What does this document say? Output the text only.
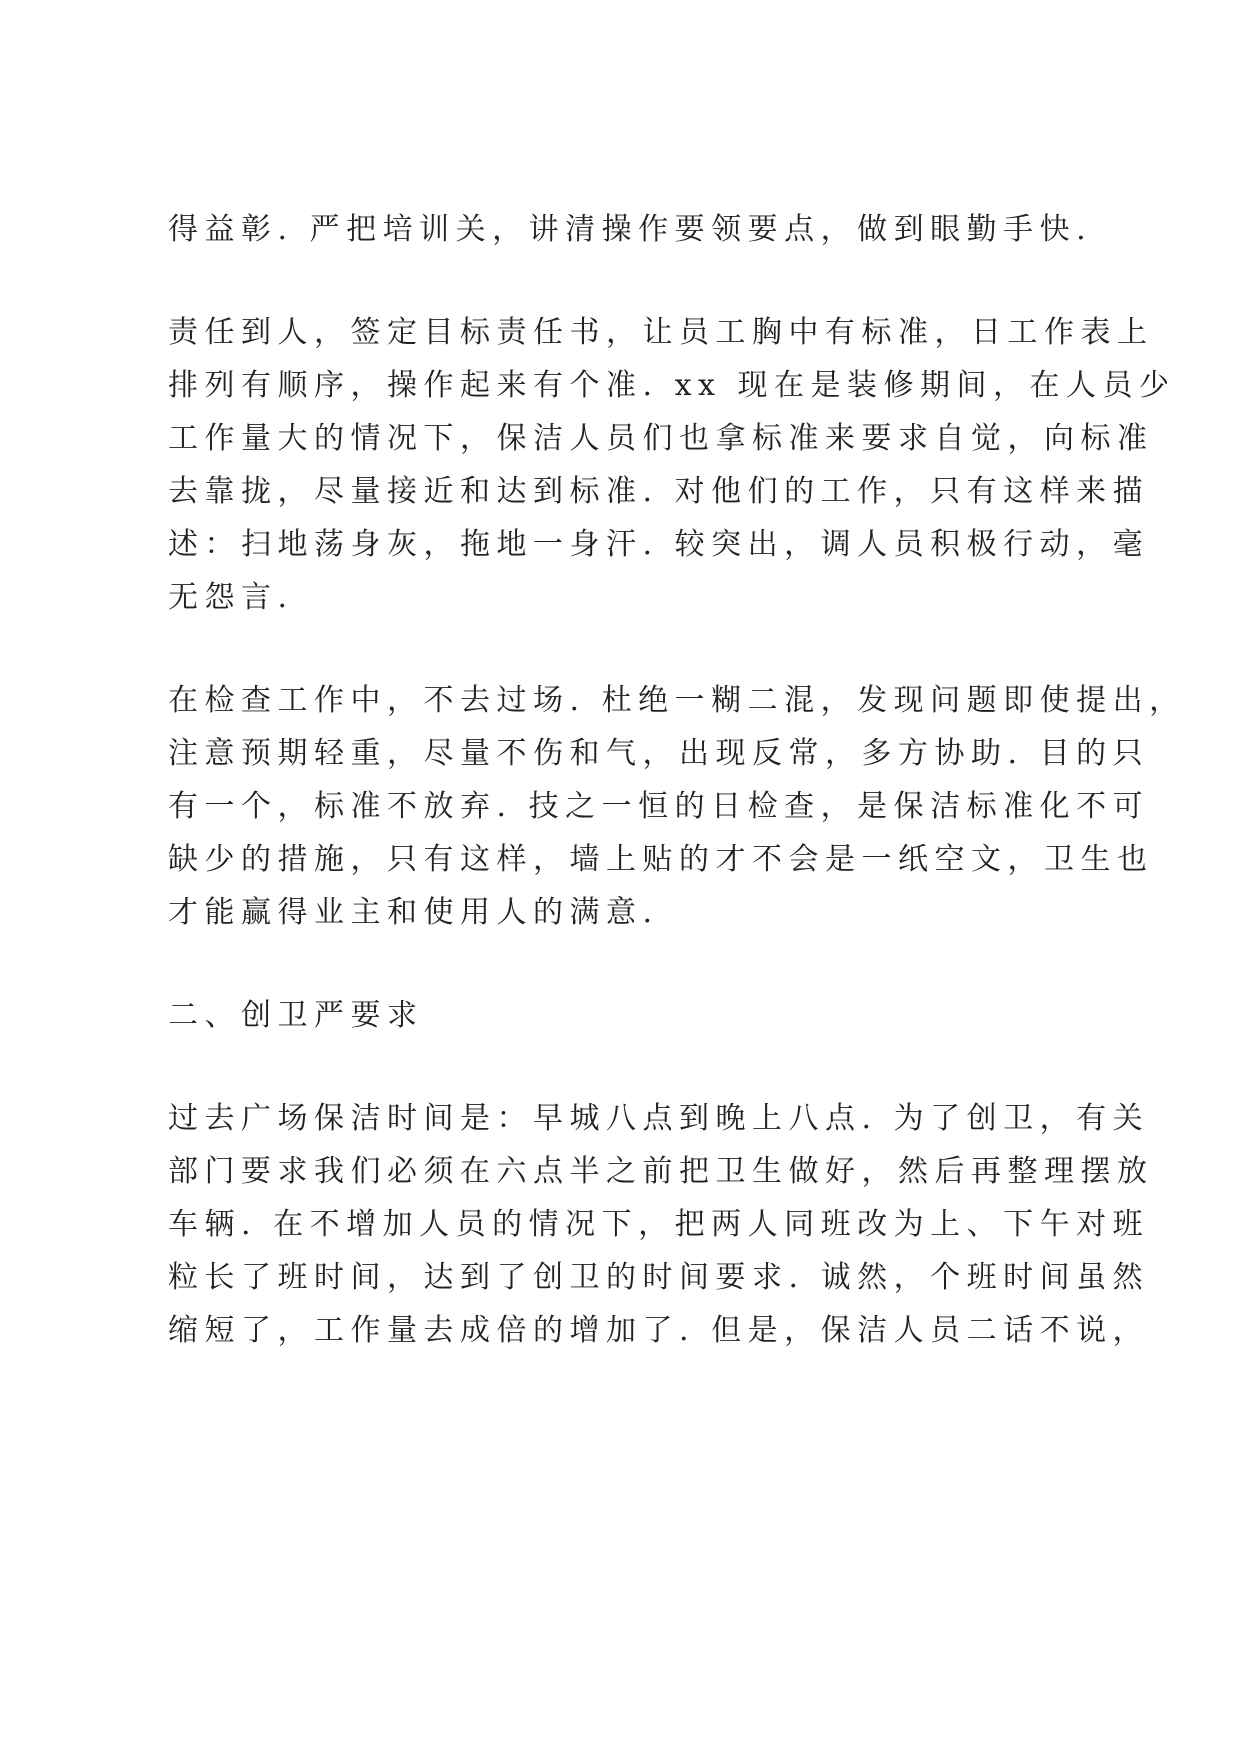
得益彰. 严把培训关，讲清操作要领要点，做到眼勤手快.
责任到人，签定目标责任书，让员工胸中有标准，日工作表上
排列有顺序，操作起来有个准. xx 现在是装修期间，在人员少
工作量大的情况下，保洁人员们也拿标准来要求自觉，向标准
去靠拢，尽量接近和达到标准. 对他们的工作，只有这样来描
述：扫地荡身灰，拖地一身汗. 较突出，调人员积极行动，毫
无怨言.
在检查工作中，不去过场. 杜绝一糊二混，发现问题即使提出，
注意预期轻重，尽量不伤和气，出现反常，多方协助. 目的只
有一个，标准不放弃. 技之一恒的日检查，是保洁标准化不可
缺少的措施，只有这样，墙上贴的才不会是一纸空文，卫生也
才能赢得业主和使用人的满意.
二、创卫严要求
过去广场保洁时间是：早城八点到晚上八点. 为了创卫，有关
部门要求我们必须在六点半之前把卫生做好，然后再整理摆放
车辆. 在不增加人员的情况下，把两人同班改为上、下午对班
粒长了班时间，达到了创卫的时间要求. 诚然，个班时间虽然
缩短了，工作量去成倍的增加了. 但是，保洁人员二话不说，
